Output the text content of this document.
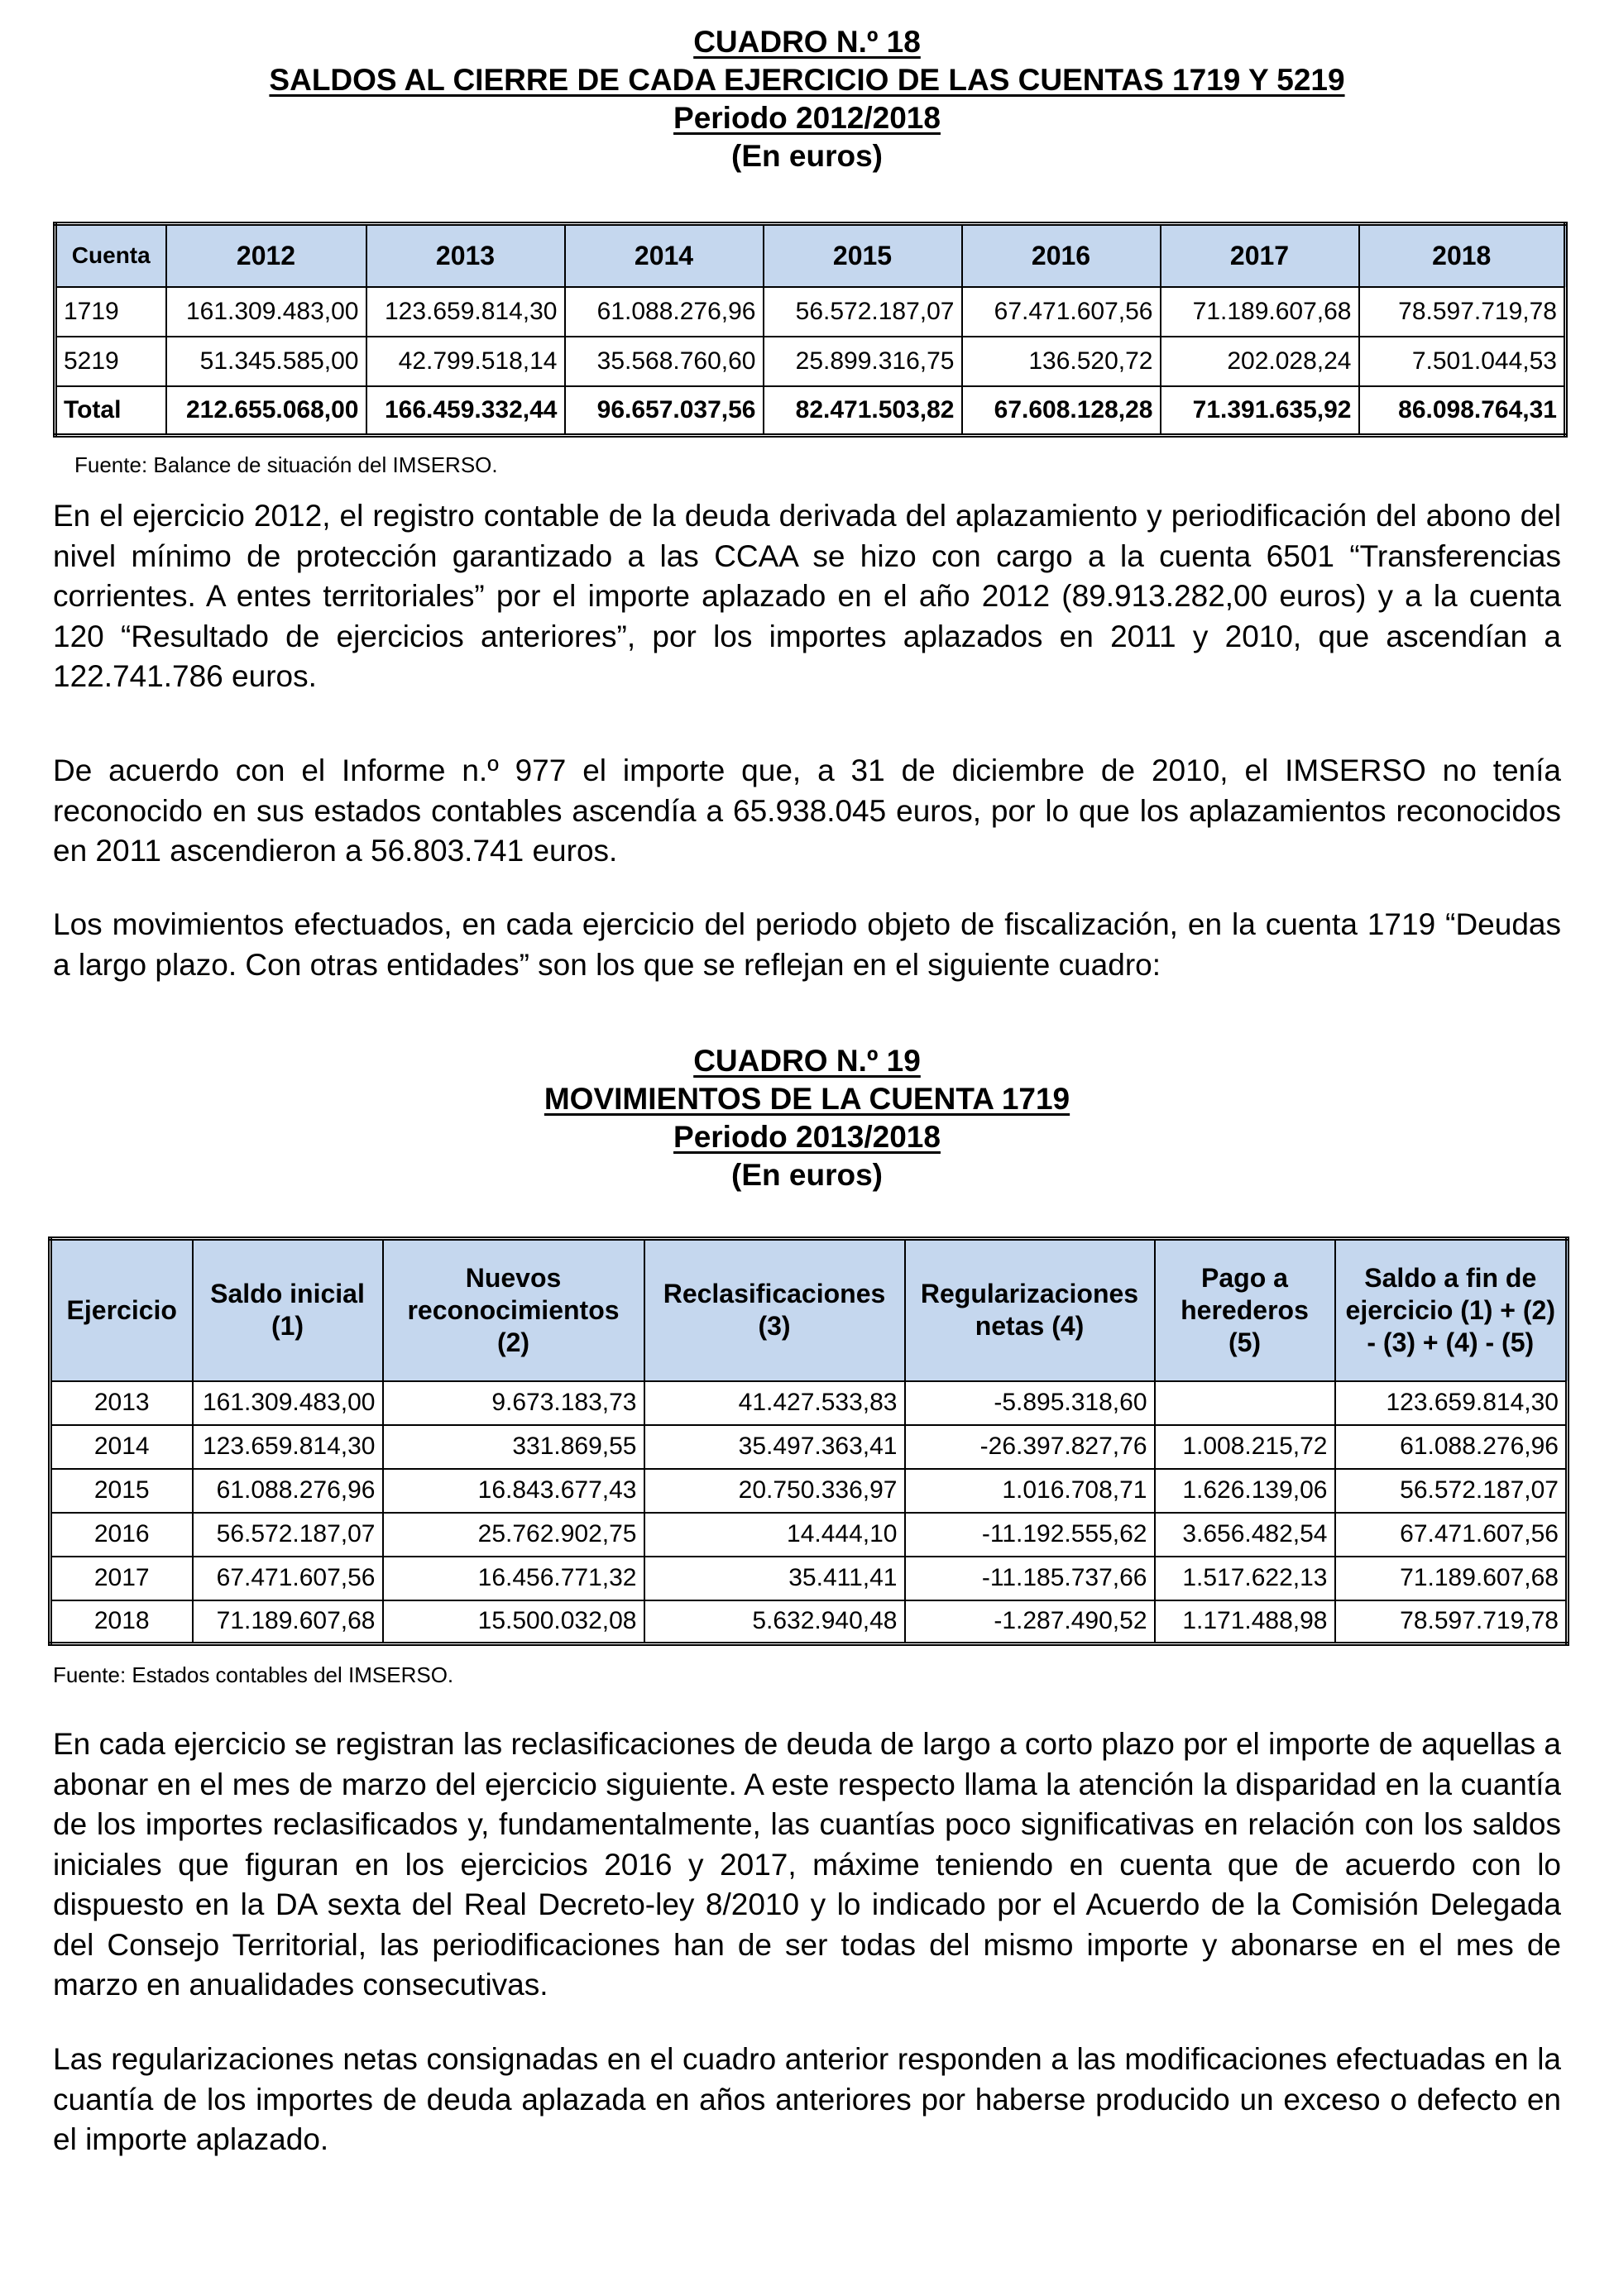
CUADRO N.º 18
SALDOS AL CIERRE DE CADA EJERCICIO DE LAS CUENTAS 1719 Y 5219
Periodo 2012/2018
(En euros)
Cuenta	2012	2013	2014	2015	2016	2017	2018
1719	161.309.483,00	123.659.814,30	61.088.276,96	56.572.187,07	67.471.607,56	71.189.607,68	78.597.719,78
5219	51.345.585,00	42.799.518,14	35.568.760,60	25.899.316,75	136.520,72	202.028,24	7.501.044,53
Total	212.655.068,00	166.459.332,44	96.657.037,56	82.471.503,82	67.608.128,28	71.391.635,92	86.098.764,31
Fuente: Balance de situación del IMSERSO.

En el ejercicio 2012, el registro contable de la deuda derivada del aplazamiento y periodificación del abono del nivel mínimo de protección garantizado a las CCAA se hizo con cargo a la cuenta 6501 “Transferencias corrientes. A entes territoriales” por el importe aplazado en el año 2012 (89.913.282,00 euros) y a la cuenta 120 “Resultado de ejercicios anteriores”, por los importes aplazados en 2011 y 2010, que ascendían a 122.741.786 euros.

De acuerdo con el Informe n.º 977 el importe que, a 31 de diciembre de 2010, el IMSERSO no tenía reconocido en sus estados contables ascendía a 65.938.045 euros, por lo que los aplazamientos reconocidos en 2011 ascendieron a 56.803.741 euros.

Los movimientos efectuados, en cada ejercicio del periodo objeto de fiscalización, en la cuenta 1719 “Deudas a largo plazo. Con otras entidades” son los que se reflejan en el siguiente cuadro:

CUADRO N.º 19
MOVIMIENTOS DE LA CUENTA 1719
Periodo 2013/2018
(En euros)
Ejercicio	Saldo inicial (1)	Nuevos reconocimientos (2)	Reclasificaciones (3)	Regularizaciones netas (4)	Pago a herederos (5)	Saldo a fin de ejercicio (1) + (2) - (3) + (4) - (5)
2013	161.309.483,00	9.673.183,73	41.427.533,83	-5.895.318,60		123.659.814,30
2014	123.659.814,30	331.869,55	35.497.363,41	-26.397.827,76	1.008.215,72	61.088.276,96
2015	61.088.276,96	16.843.677,43	20.750.336,97	1.016.708,71	1.626.139,06	56.572.187,07
2016	56.572.187,07	25.762.902,75	14.444,10	-11.192.555,62	3.656.482,54	67.471.607,56
2017	67.471.607,56	16.456.771,32	35.411,41	-11.185.737,66	1.517.622,13	71.189.607,68
2018	71.189.607,68	15.500.032,08	5.632.940,48	-1.287.490,52	1.171.488,98	78.597.719,78
Fuente: Estados contables del IMSERSO.

En cada ejercicio se registran las reclasificaciones de deuda de largo a corto plazo por el importe de aquellas a abonar en el mes de marzo del ejercicio siguiente. A este respecto llama la atención la disparidad en la cuantía de los importes reclasificados y, fundamentalmente, las cuantías poco significativas en relación con los saldos iniciales que figuran en los ejercicios 2016 y 2017, máxime teniendo en cuenta que de acuerdo con lo dispuesto en la DA sexta del Real Decreto-ley 8/2010 y lo indicado por el Acuerdo de la Comisión Delegada del Consejo Territorial, las periodificaciones han de ser todas del mismo importe y abonarse en el mes de marzo en anualidades consecutivas.

Las regularizaciones netas consignadas en el cuadro anterior responden a las modificaciones efectuadas en la cuantía de los importes de deuda aplazada en años anteriores por haberse producido un exceso o defecto en el importe aplazado.
